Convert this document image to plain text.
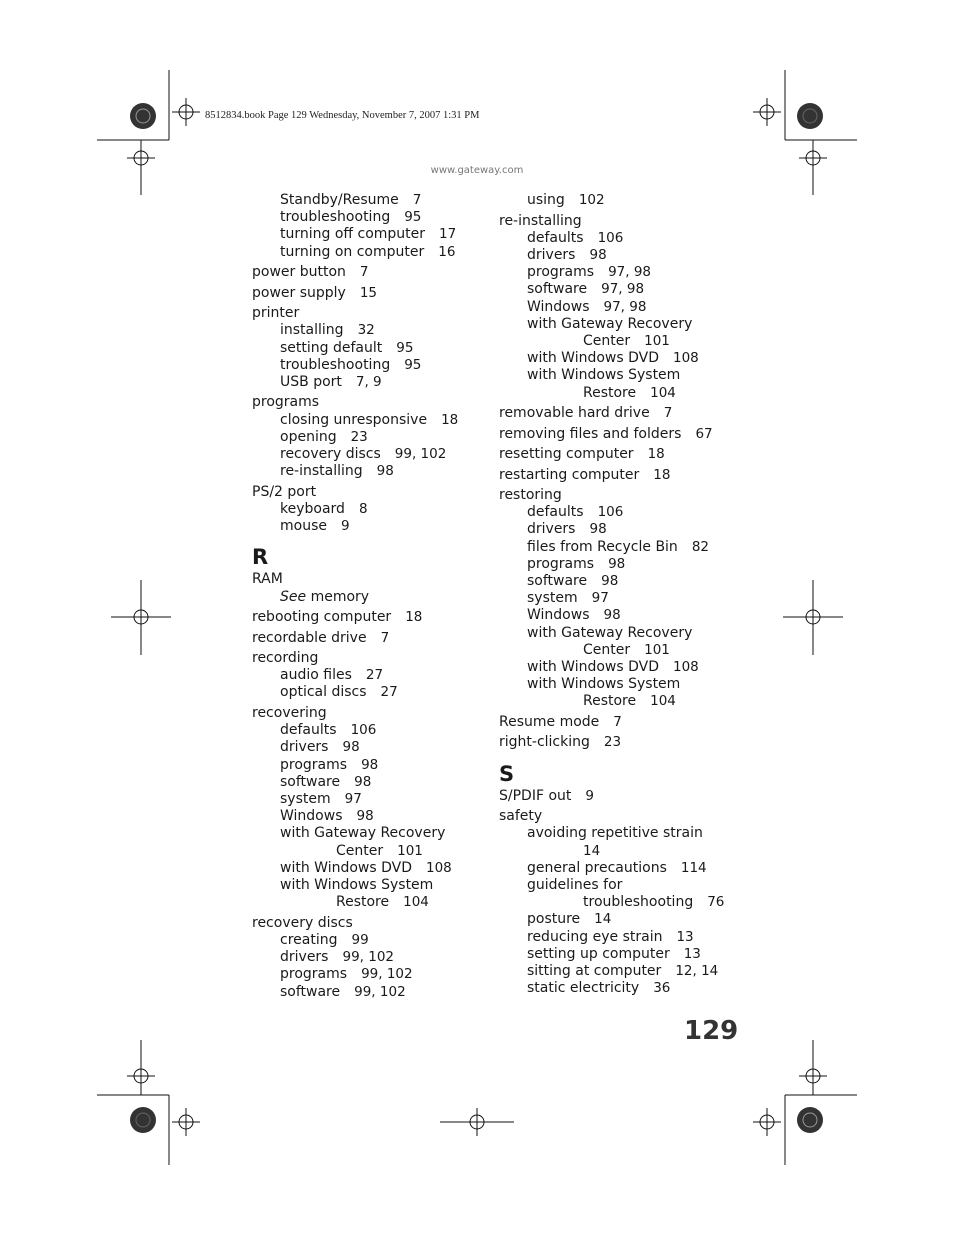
8512834.book Page 129 Wednesday, November 7, 2007 1:31 PM
www.gateway.com
Standby/Resume 7
troubleshooting 95
turning off computer 17
turning on computer 16
power button 7
power supply 15
printer
installing 32
setting default 95
troubleshooting 95
USB port 7, 9
programs
closing unresponsive 18
opening 23
recovery discs 99, 102
re-installing 98
PS/2 port
keyboard 8
mouse 9
R
RAM
See memory
rebooting computer 18
recordable drive 7
recording
audio files 27
optical discs 27
recovering
defaults 106
drivers 98
programs 98
software 98
system 97
Windows 98
with Gateway Recovery
Center 101
with Windows DVD 108
with Windows System
Restore 104
recovery discs
creating 99
drivers 99, 102
programs 99, 102
software 99, 102
using 102
re-installing
defaults 106
drivers 98
programs 97, 98
software 97, 98
Windows 97, 98
with Gateway Recovery
Center 101
with Windows DVD 108
with Windows System
Restore 104
removable hard drive 7
removing files and folders 67
resetting computer 18
restarting computer 18
restoring
defaults 106
drivers 98
files from Recycle Bin 82
programs 98
software 98
system 97
Windows 98
with Gateway Recovery
Center 101
with Windows DVD 108
with Windows System
Restore 104
Resume mode 7
right-clicking 23
S
S/PDIF out 9
safety
avoiding repetitive strain
14
general precautions 114
guidelines for
troubleshooting 76
posture 14
reducing eye strain 13
setting up computer 13
sitting at computer 12, 14
static electricity 36
129
